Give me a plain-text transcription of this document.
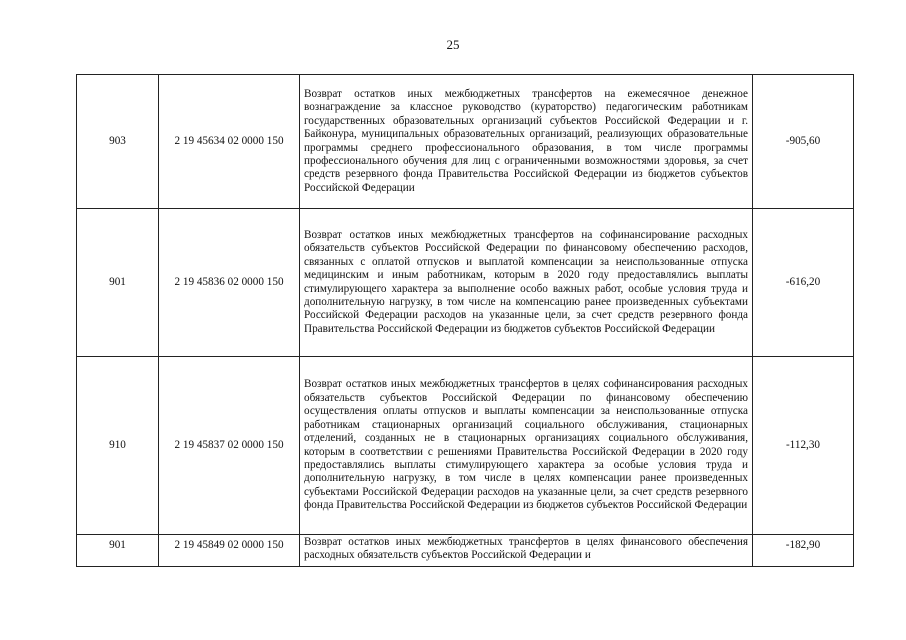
25
903	2 19 45634 02 0000 150	Возврат остатков иных межбюджетных трансфертов на ежемесячное денежное вознаграждение за классное руководство (кураторство) педагогическим работникам государственных образовательных организаций субъектов Российской Федерации и г. Байконура, муниципальных образовательных организаций, реализующих образовательные программы среднего профессионального образования, в том числе программы профессионального обучения для лиц с ограниченными возможностями здоровья, за счет средств резервного фонда Правительства Российской Федерации из бюджетов субъектов Российской Федерации	-905,60
901	2 19 45836 02 0000 150	Возврат остатков иных межбюджетных трансфертов на софинансирование расходных обязательств субъектов Российской Федерации по финансовому обеспечению расходов, связанных с оплатой отпусков и выплатой компенсации за неиспользованные отпуска медицинским и иным работникам, которым в 2020 году предоставлялись выплаты стимулирующего характера за выполнение особо важных работ, особые условия труда и дополнительную нагрузку, в том числе на компенсацию ранее произведенных субъектами Российской Федерации расходов на указанные цели, за счет средств резервного фонда Правительства Российской Федерации из бюджетов субъектов Российской Федерации	-616,20
910	2 19 45837 02 0000 150	Возврат остатков иных межбюджетных трансфертов в целях софинансирования расходных обязательств субъектов Российской Федерации по финансовому обеспечению осуществления оплаты отпусков и выплаты компенсации за неиспользованные отпуска работникам стационарных организаций социального обслуживания, стационарных отделений, созданных не в стационарных организациях социального обслуживания, которым в соответствии с решениями Правительства Российской Федерации в 2020 году предоставлялись выплаты стимулирующего характера за особые условия труда и дополнительную нагрузку, в том числе в целях компенсации ранее произведенных субъектами Российской Федерации расходов на указанные цели, за счет средств резервного фонда Правительства Российской Федерации из бюджетов субъектов Российской Федерации	-112,30
901	2 19 45849 02 0000 150	Возврат остатков иных межбюджетных трансфертов в целях финансового обеспечения расходных обязательств субъектов Российской Федерации и	-182,90
